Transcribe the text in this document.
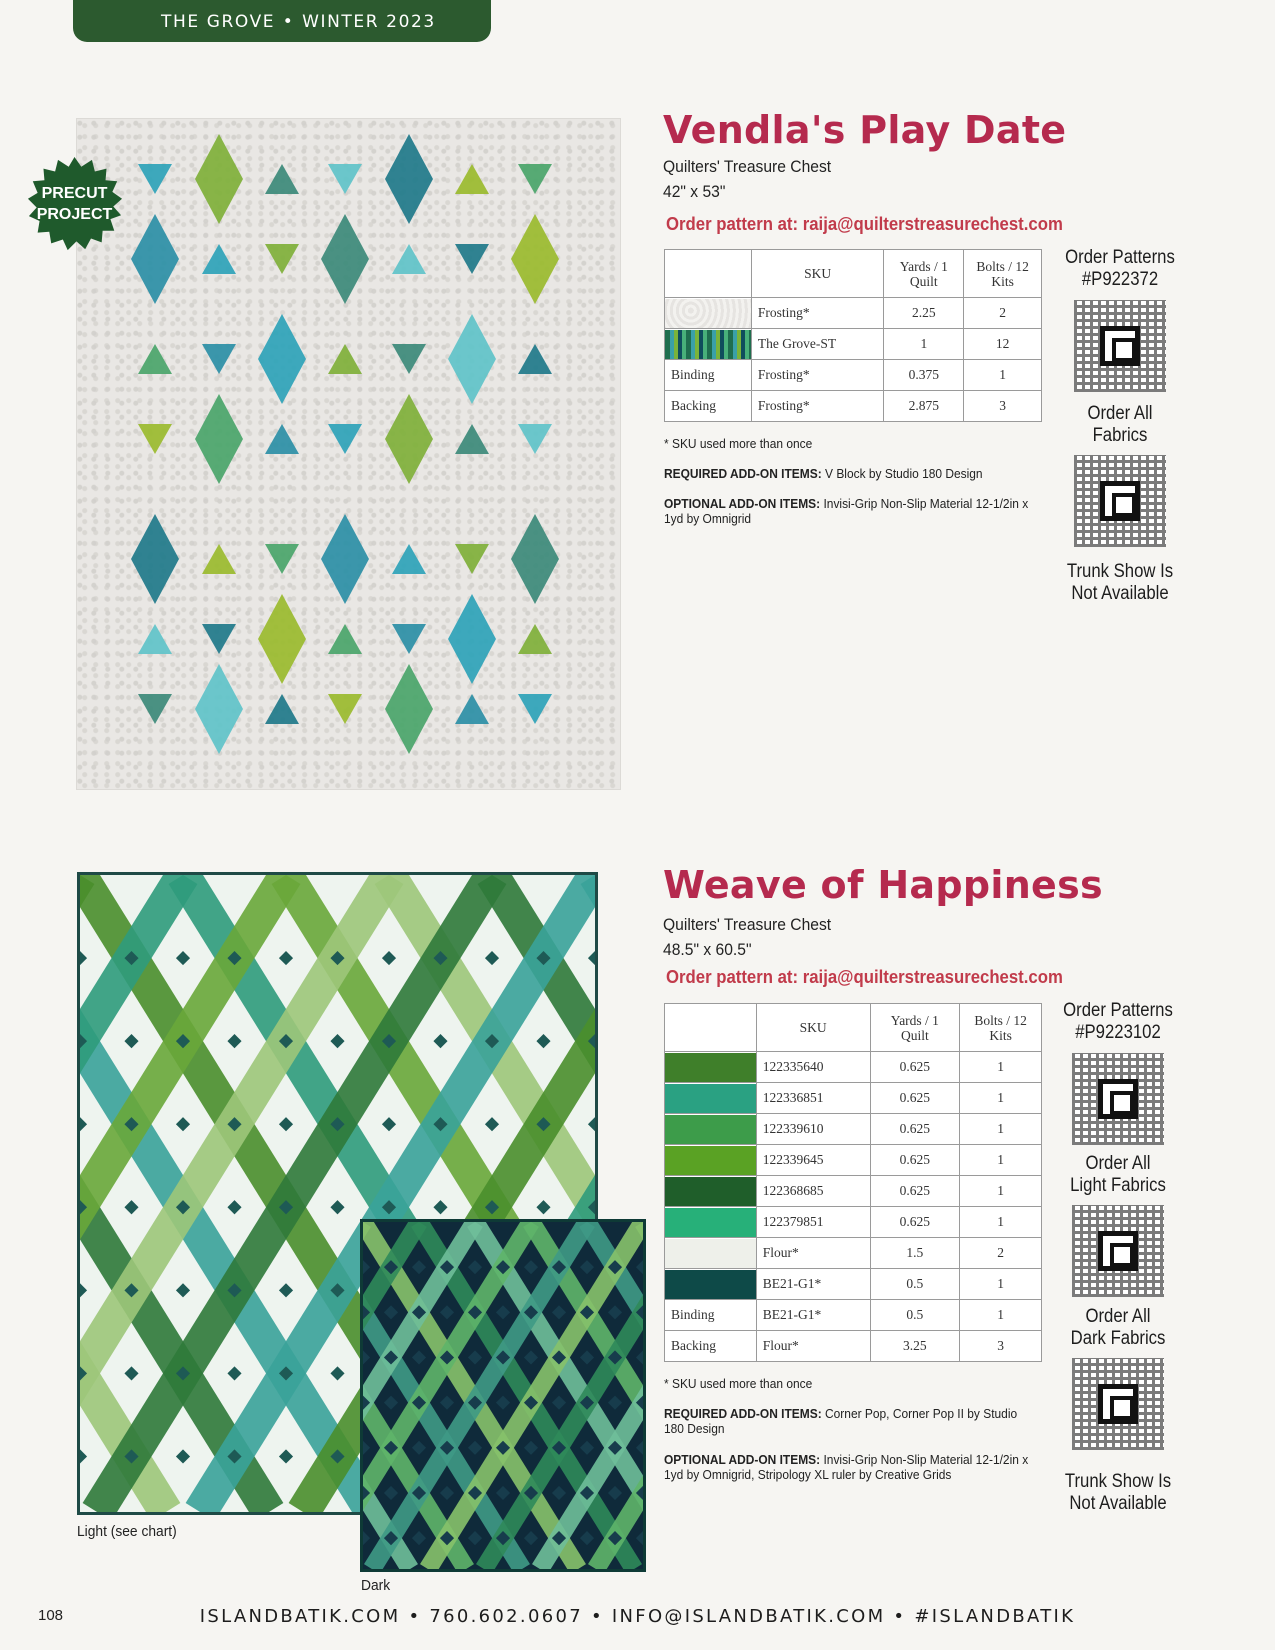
THE GROVE • WINTER 2023
PRECUT
PROJECT
Vendla's Play Date
Quilters' Treasure Chest
42" x 53"
Order pattern at: raija@quilterstreasurechest.com
	SKU	Yards / 1 Quilt	Bolts / 12 Kits

	Frosting*	2.25	2

	The Grove-ST	1	12
Binding	Frosting*	0.375	1
Backing	Frosting*	2.875	3
* SKU used more than once
REQUIRED ADD-ON ITEMS: V Block by Studio 180 Design
OPTIONAL ADD-ON ITEMS: Invisi-Grip Non-Slip Material 12-1/2in x 1yd by Omnigrid
Order Patterns
#P922372
Order All
Fabrics
Trunk Show Is
Not Available
Light (see chart)
Dark
Weave of Happiness
Quilters' Treasure Chest
48.5" x 60.5"
Order pattern at: raija@quilterstreasurechest.com
	SKU	Yards / 1 Quilt	Bolts / 12 Kits

	122335640	0.625	1

	122336851	0.625	1

	122339610	0.625	1

	122339645	0.625	1

	122368685	0.625	1

	122379851	0.625	1

	Flour*	1.5	2

	BE21-G1*	0.5	1
Binding	BE21-G1*	0.5	1
Backing	Flour*	3.25	3
* SKU used more than once
REQUIRED ADD-ON ITEMS: Corner Pop, Corner Pop II by Studio 180 Design
OPTIONAL ADD-ON ITEMS: Invisi-Grip Non-Slip Material 12-1/2in x 1yd by Omnigrid, Stripology XL ruler by Creative Grids
Order Patterns
#P9223102
Order All
Light Fabrics
Order All
Dark Fabrics
Trunk Show Is
Not Available
108	ISLANDBATIK.COM • 760.602.0607 • INFO@ISLANDBATIK.COM • #ISLANDBATIK
